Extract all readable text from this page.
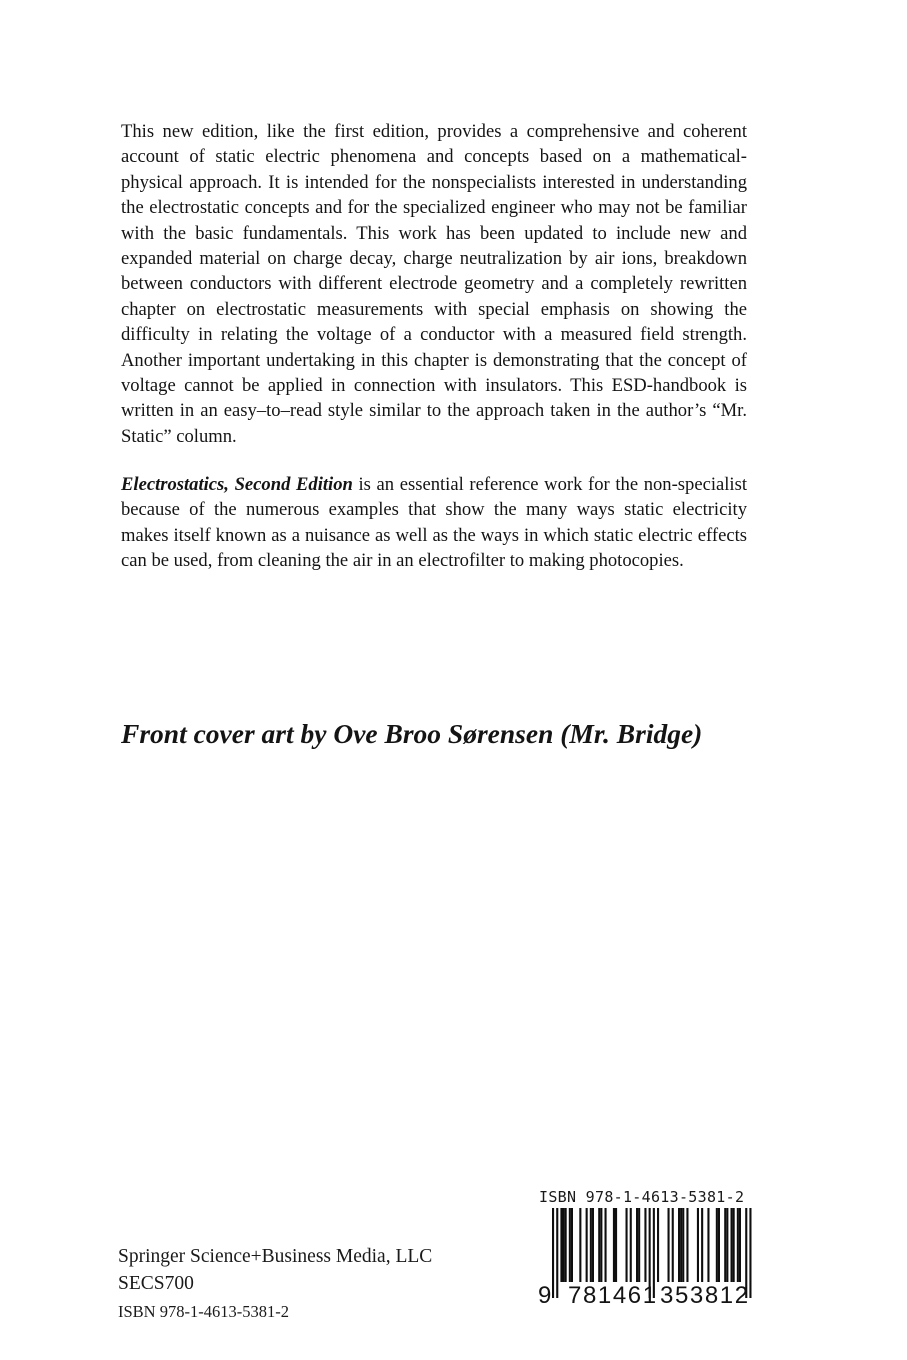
This new edition, like the first edition, provides a comprehensive and coherent account of static electric phenomena and concepts based on a mathematical-physical approach. It is intended for the nonspecialists interested in understanding the electrostatic concepts and for the specialized engineer who may not be familiar with the basic fundamentals. This work has been updated to include new and expanded material on charge decay, charge neutralization by air ions, breakdown between conductors with different electrode geometry and a completely rewritten chapter on electrostatic measurements with special emphasis on showing the difficulty in relating the voltage of a conductor with a measured field strength. Another important undertaking in this chapter is demonstrating that the concept of voltage cannot be applied in connection with insulators. This ESD-handbook is written in an easy–to–read style similar to the approach taken in the author’s “Mr. Static” column.

Electrostatics, Second Edition is an essential reference work for the non-specialist because of the numerous examples that show the many ways static electricity makes itself known as a nuisance as well as the ways in which static electric effects can be used, from cleaning the air in an electrofilter to making photocopies.

Front cover art by Ove Broo Sørensen (Mr. Bridge)

Springer Science+Business Media, LLC
SECS700
ISBN 978-1-4613-5381-2
ISBN 978-1-4613-5381-2
9 781461 353812
